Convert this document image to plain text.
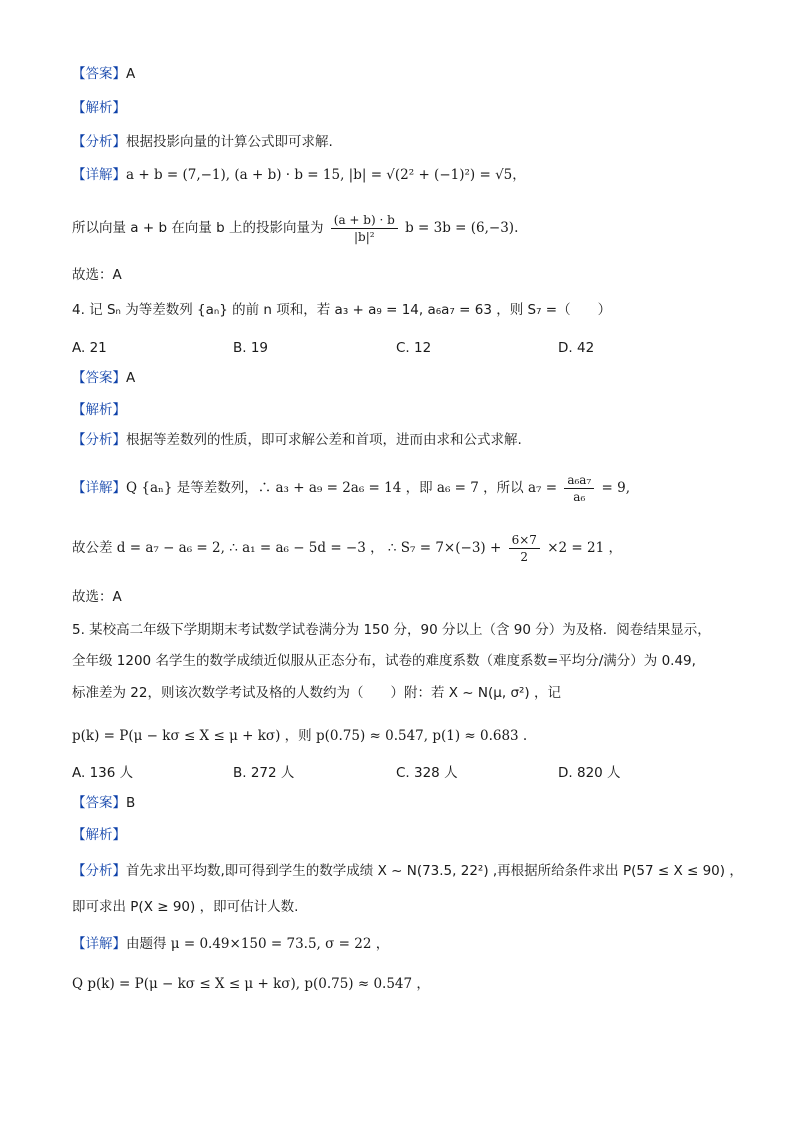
【答案】A
【解析】
【分析】根据投影向量的计算公式即可求解.
【详解】a + b = (7,−1), (a + b) · b = 15, |b| = √(2² + (−1)²) = √5，
所以向量 a + b 在向量 b 上的投影向量为 $\frac{(a + b) \cdot b}{\text{|b|²}}$ b = 3b = (6,−3).
故选：A
4. 记 Sₙ 为等差数列 {aₙ} 的前 n 项和，若 a₃ + a₉ = 14, a₆a₇ = 63 ，则 S₇ =（　　）
A. 21	B. 19	C. 12	D. 42
【答案】A
【解析】
【分析】根据等差数列的性质，即可求解公差和首项，进而由求和公式求解.
【详解】Q {aₙ} 是等差数列，∴ a₃ + a₉ = 2a₆ = 14 ，即 a₆ = 7 ，所以 $a_7 = \frac{\text{a₆a₇}}{\text{a₆}} = 9$,
故公差 d = a₇ − a₆ = 2, ∴ a₁ = a₆ − 5d = −3 ， ∴ $S_7 = 7\times(-3) + \frac{6\times 7}{2} \times 2 = 21$ ，
故选：A
5. 某校高二年级下学期期末考试数学试卷满分为 150 分，90 分以上（含 90 分）为及格．阅卷结果显示，
全年级 1200 名学生的数学成绩近似服从正态分布，试卷的难度系数（难度系数=平均分/满分）为 0.49,
标准差为 22，则该次数学考试及格的人数约为（　　）附：若 X ~ N(μ, σ²) ，记
p(k) = P(μ − kσ ≤ X ≤ μ + kσ) ，则 p(0.75) ≈ 0.547, p(1) ≈ 0.683 .
A. 136 人	B. 272 人	C. 328 人	D. 820 人
【答案】B
【解析】
【分析】首先求出平均数,即可得到学生的数学成绩 X ~ N(73.5, 22²) ,再根据所给条件求出 P(57 ≤ X ≤ 90) ，
即可求出 P(X ≥ 90) ，即可估计人数.
【详解】由题得 μ = 0.49×150 = 73.5, σ = 22 ，
Q p(k) = P(μ − kσ ≤ X ≤ μ + kσ), p(0.75) ≈ 0.547 ，
